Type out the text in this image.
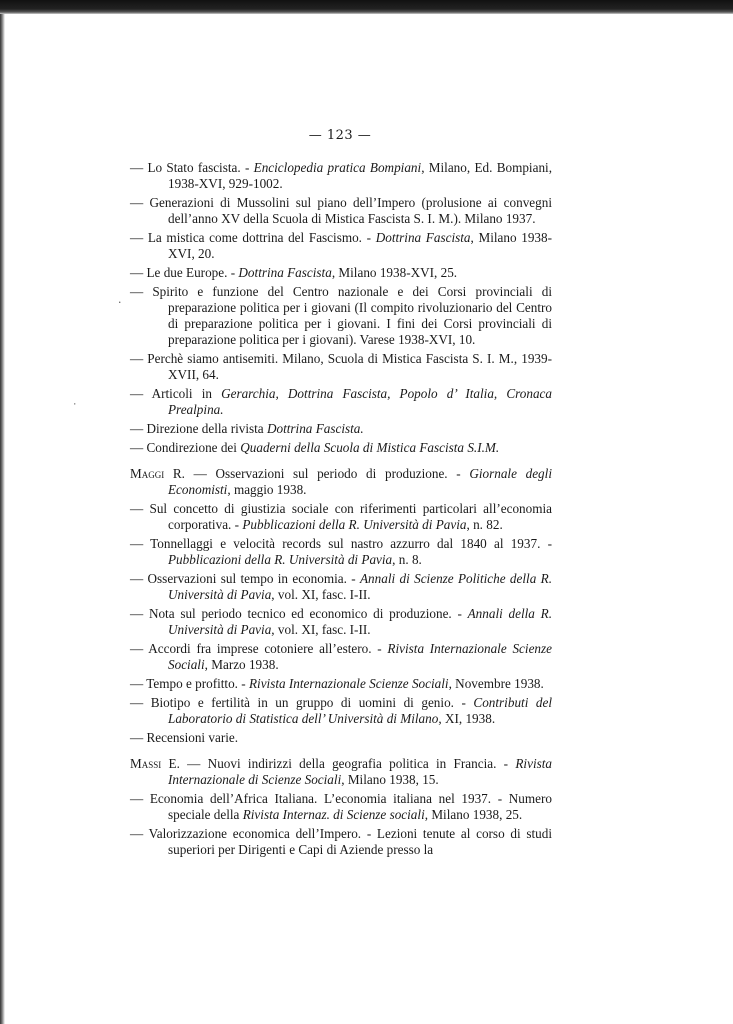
— 123 —
·
˙

— Lo Stato fascista. - Enciclopedia pratica Bompiani, Milano, Ed. Bompiani, 1938-XVI, 929-1002.

— Generazioni di Mussolini sul piano dell’Impero (prolusione ai convegni dell’anno XV della Scuola di Mistica Fascista S. I. M.). Milano 1937.

— La mistica come dottrina del Fascismo. - Dottrina Fascista, Milano 1938-XVI, 20.

— Le due Europe. - Dottrina Fascista, Milano 1938-XVI, 25.

— Spirito e funzione del Centro nazionale e dei Corsi provinciali di preparazione politica per i giovani (Il compito rivoluzionario del Centro di preparazione politica per i giovani. I fini dei Corsi provinciali di preparazione politica per i giovani). Varese 1938-XVI, 10.

— Perchè siamo antisemiti. Milano, Scuola di Mistica Fascista S. I. M., 1939-XVII, 64.

— Articoli in Gerarchia, Dottrina Fascista, Popolo d’ Italia, Cronaca Prealpina.

— Direzione della rivista Dottrina Fascista.

— Condirezione dei Quaderni della Scuola di Mistica Fascista S.I.M.

Maggi R. — Osservazioni sul periodo di produzione. - Giornale degli Economisti, maggio 1938.

— Sul concetto di giustizia sociale con riferimenti particolari all’economia corporativa. - Pubblicazioni della R. Università di Pavia, n. 82.

— Tonnellaggi e velocità records sul nastro azzurro dal 1840 al 1937. - Pubblicazioni della R. Università di Pavia, n. 8.

— Osservazioni sul tempo in economia. - Annali di Scienze Politiche della R. Università di Pavia, vol. XI, fasc. I-II.

— Nota sul periodo tecnico ed economico di produzione. - Annali della R. Università di Pavia, vol. XI, fasc. I-II.

— Accordi fra imprese cotoniere all’estero. - Rivista Internazionale Scienze Sociali, Marzo 1938.

— Tempo e profitto. - Rivista Internazionale Scienze Sociali, Novembre 1938.

— Biotipo e fertilità in un gruppo di uomini di genio. - Contributi del Laboratorio di Statistica dell’ Università di Milano, XI, 1938.

— Recensioni varie.

Massi E. — Nuovi indirizzi della geografia politica in Francia. - Rivista Internazionale di Scienze Sociali, Milano 1938, 15.

— Economia dell’Africa Italiana. L’economia italiana nel 1937. - Numero speciale della Rivista Internaz. di Scienze sociali, Milano 1938, 25.

— Valorizzazione economica dell’Impero. - Lezioni tenute al corso di studi superiori per Dirigenti e Capi di Aziende presso la
